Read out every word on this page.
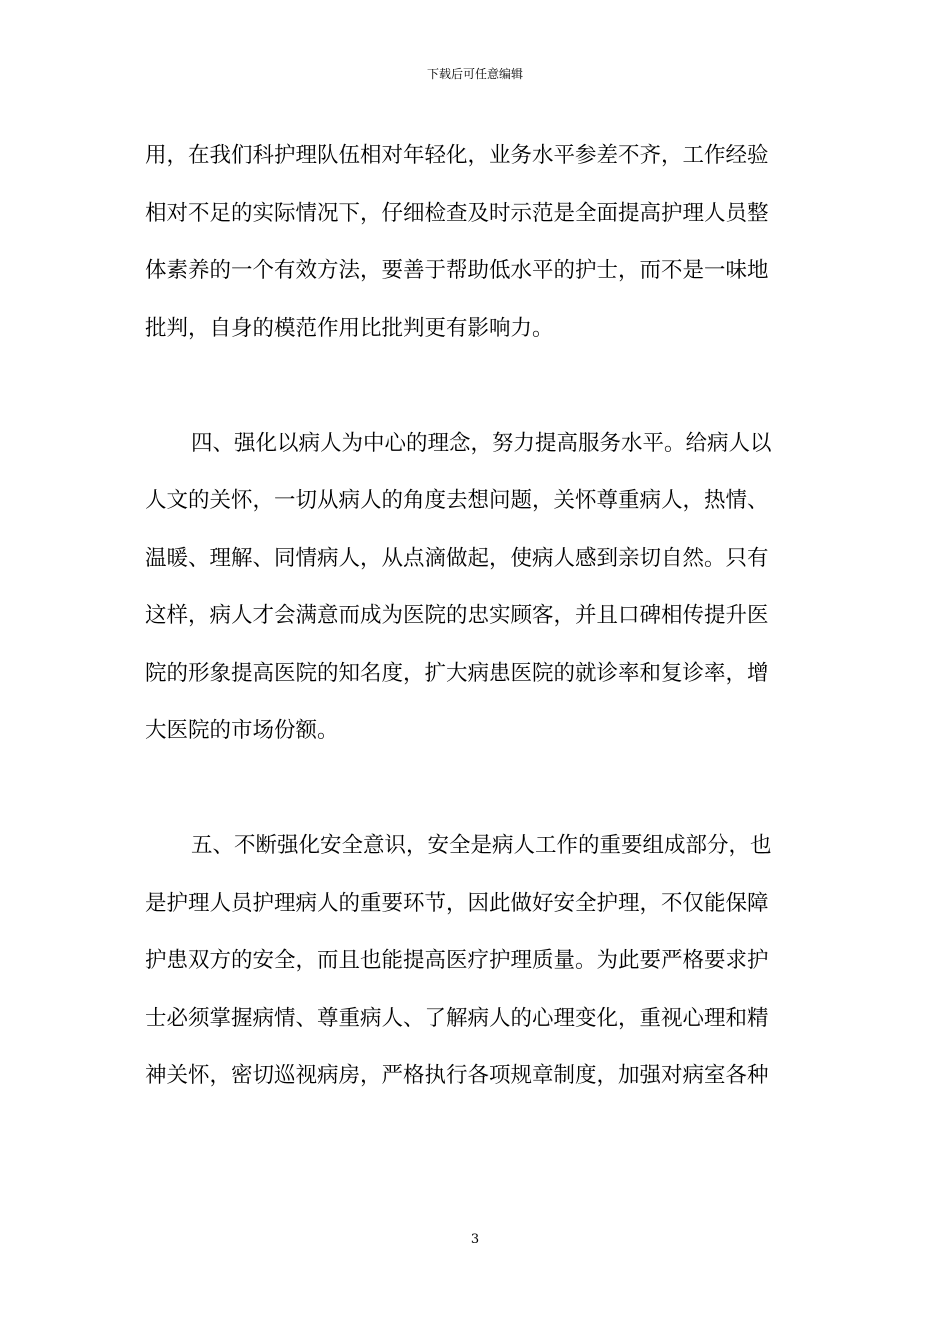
下载后可任意编辑
用，在我们科护理队伍相对年轻化，业务水平参差不齐，工作经验
相对不足的实际情况下，仔细检查及时示范是全面提高护理人员整
体素养的一个有效方法，要善于帮助低水平的护士，而不是一味地
批判，自身的模范作用比批判更有影响力。
四、强化以病人为中心的理念，努力提高服务水平。给病人以
人文的关怀，一切从病人的角度去想问题，关怀尊重病人，热情、
温暖、理解、同情病人，从点滴做起，使病人感到亲切自然。只有
这样，病人才会满意而成为医院的忠实顾客，并且口碑相传提升医
院的形象提高医院的知名度，扩大病患医院的就诊率和复诊率，增
大医院的市场份额。
五、不断强化安全意识，安全是病人工作的重要组成部分，也
是护理人员护理病人的重要环节，因此做好安全护理，不仅能保障
护患双方的安全，而且也能提高医疗护理质量。为此要严格要求护
士必须掌握病情、尊重病人、了解病人的心理变化，重视心理和精
神关怀，密切巡视病房，严格执行各项规章制度，加强对病室各种
3
